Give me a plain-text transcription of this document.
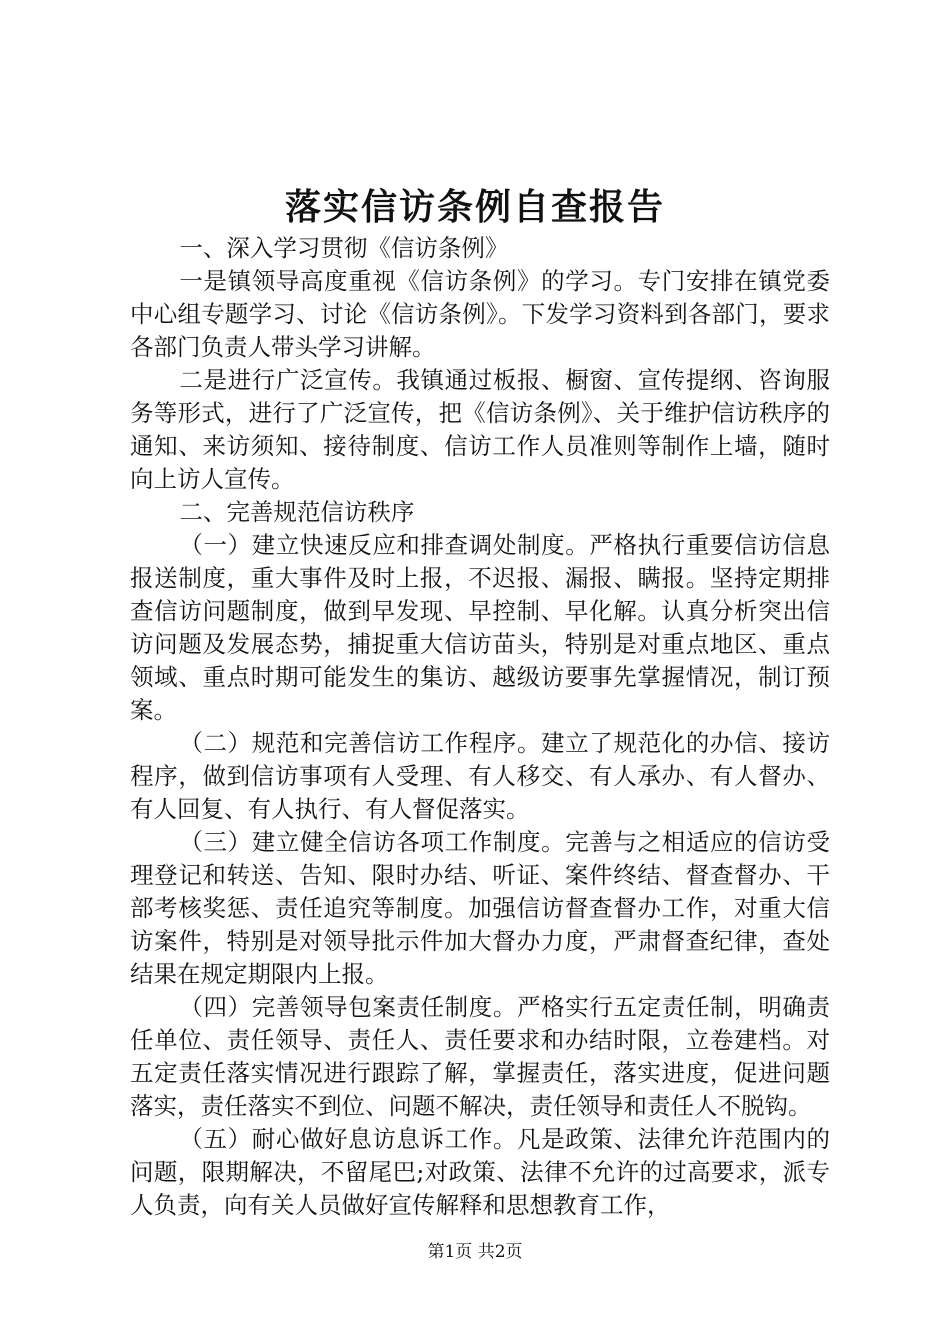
落实信访条例自查报告

一、深入学习贯彻《信访条例》

一是镇领导高度重视《信访条例》的学习。专门安排在镇党委中心组专题学习、讨论《信访条例》。下发学习资料到各部门，要求各部门负责人带头学习讲解。

二是进行广泛宣传。我镇通过板报、橱窗、宣传提纲、咨询服务等形式，进行了广泛宣传，把《信访条例》、关于维护信访秩序的通知、来访须知、接待制度、信访工作人员准则等制作上墙，随时向上访人宣传。

二、完善规范信访秩序

（一）建立快速反应和排查调处制度。严格执行重要信访信息报送制度，重大事件及时上报，不迟报、漏报、瞒报。坚持定期排查信访问题制度，做到早发现、早控制、早化解。认真分析突出信访问题及发展态势，捕捉重大信访苗头，特别是对重点地区、重点领域、重点时期可能发生的集访、越级访要事先掌握情况，制订预案。

（二）规范和完善信访工作程序。建立了规范化的办信、接访程序，做到信访事项有人受理、有人移交、有人承办、有人督办、有人回复、有人执行、有人督促落实。

（三）建立健全信访各项工作制度。完善与之相适应的信访受理登记和转送、告知、限时办结、听证、案件终结、督查督办、干部考核奖惩、责任追究等制度。加强信访督查督办工作，对重大信访案件，特别是对领导批示件加大督办力度，严肃督查纪律，查处结果在规定期限内上报。

（四）完善领导包案责任制度。严格实行五定责任制，明确责任单位、责任领导、责任人、责任要求和办结时限，立卷建档。对五定责任落实情况进行跟踪了解，掌握责任，落实进度，促进问题落实，责任落实不到位、问题不解决，责任领导和责任人不脱钩。

（五）耐心做好息访息诉工作。凡是政策、法律允许范围内的问题，限期解决，不留尾巴;对政策、法律不允许的过高要求，派专人负责，向有关人员做好宣传解释和思想教育工作，

第1页 共2页
